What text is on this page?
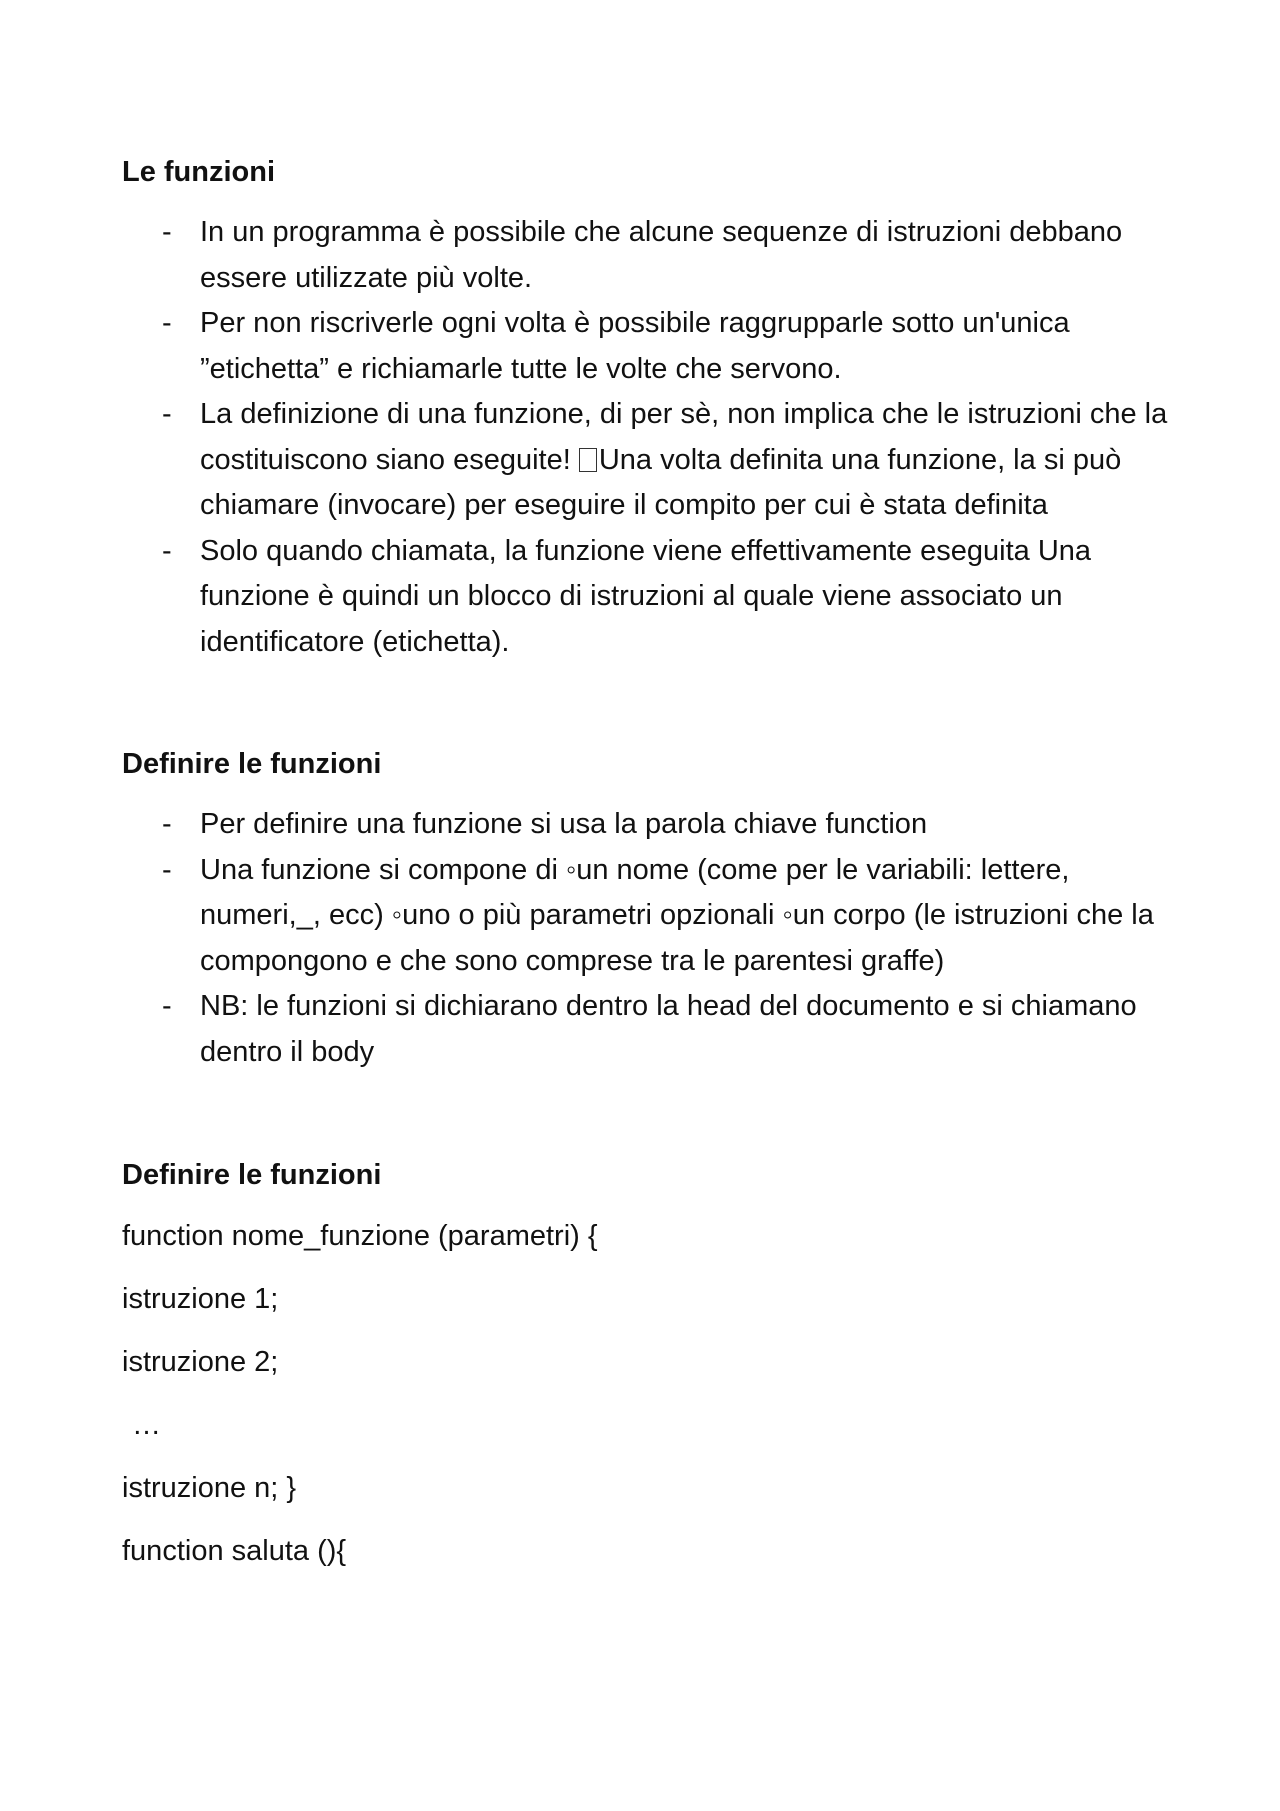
Le funzioni

- In un programma è possibile che alcune sequenze di istruzioni debbano essere utilizzate più volte.
- Per non riscriverle ogni volta è possibile raggrupparle sotto un'unica ”etichetta” e richiamarle tutte le volte che servono.
- La definizione di una funzione, di per sè, non implica che le istruzioni che la costituiscono siano eseguite! Una volta definita una funzione, la si può chiamare (invocare) per eseguire il compito per cui è stata definita
- Solo quando chiamata, la funzione viene effettivamente eseguita Una funzione è quindi un blocco di istruzioni al quale viene associato un identificatore (etichetta).

Definire le funzioni

- Per definire una funzione si usa la parola chiave function
- Una funzione si compone di ◦un nome (come per le variabili: lettere, numeri,_, ecc) ◦uno o più parametri opzionali ◦un corpo (le istruzioni che la compongono e che sono comprese tra le parentesi graffe)
- NB: le funzioni si dichiarano dentro la head del documento e si chiamano dentro il body

Definire le funzioni

function nome_funzione (parametri) {
istruzione 1;
istruzione 2;
…
istruzione n; }
function saluta (){
